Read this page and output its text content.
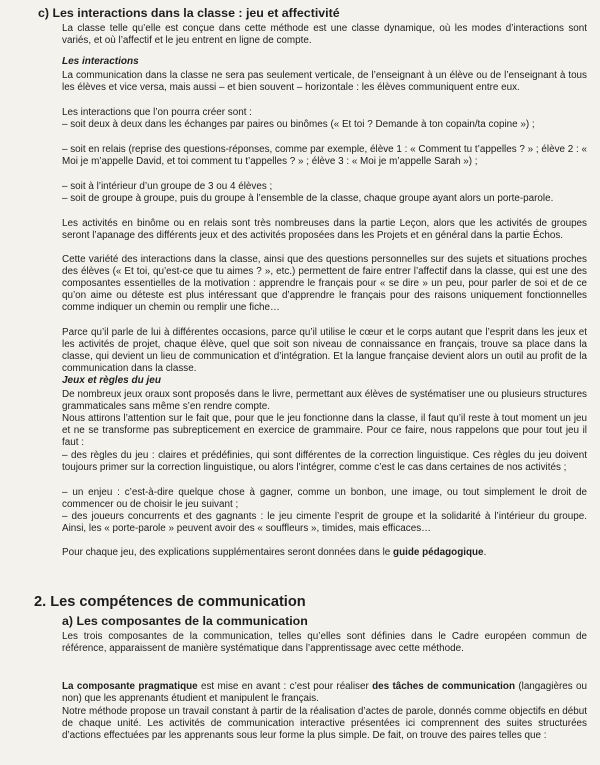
c) Les interactions dans la classe : jeu et affectivité

La classe telle qu’elle est conçue dans cette méthode est une classe dynamique, où les modes d’interactions sont variés, et où l’affectif et le jeu entrent en ligne de compte.

Les interactions

La communication dans la classe ne sera pas seulement verticale, de l’enseignant à un élève ou de l’enseignant à tous les élèves et vice versa, mais aussi – et bien souvent – horizontale : les élèves communiquent entre eux.

Les interactions que l’on pourra créer sont :

– soit deux à deux dans les échanges par paires ou binômes (« Et toi ? Demande à ton copain/ta copine ») ;

– soit en relais (reprise des questions-réponses, comme par exemple, élève 1 : « Comment tu t’appelles ? » ; élève 2 : « Moi je m’appelle David, et toi comment tu t’appelles ? » ; élève 3 : « Moi je m’appelle Sarah ») ;

– soit à l’intérieur d’un groupe de 3 ou 4 élèves ;

– soit de groupe à groupe, puis du groupe à l’ensemble de la classe, chaque groupe ayant alors un porte-parole.

Les activités en binôme ou en relais sont très nombreuses dans la partie Leçon, alors que les activités de groupes seront l’apanage des différents jeux et des activités proposées dans les Projets et en général dans la partie Échos.

Cette variété des interactions dans la classe, ainsi que des questions personnelles sur des sujets et situations proches des élèves (« Et toi, qu’est-ce que tu aimes ? », etc.) permettent de faire entrer l’affectif dans la classe, qui est une des composantes essentielles de la motivation : apprendre le français pour « se dire » un peu, pour parler de soi et de ce qu’on aime ou déteste est plus intéressant que d’apprendre le français pour des raisons uniquement fonctionnelles comme indiquer un chemin ou remplir une fiche…

Parce qu’il parle de lui à différentes occasions, parce qu’il utilise le cœur et le corps autant que l’esprit dans les jeux et les activités de projet, chaque élève, quel que soit son niveau de connaissance en français, trouve sa place dans la classe, qui devient un lieu de communication et d’intégration. Et la langue française devient alors un outil au profit de la communication dans la classe.

Jeux et règles du jeu

De nombreux jeux oraux sont proposés dans le livre, permettant aux élèves de systématiser une ou plusieurs structures grammaticales sans même s’en rendre compte.

Nous attirons l’attention sur le fait que, pour que le jeu fonctionne dans la classe, il faut qu’il reste à tout moment un jeu et ne se transforme pas subrepticement en exercice de grammaire. Pour ce faire, nous rappelons que pour tout jeu il faut :

– des règles du jeu : claires et prédéfinies, qui sont différentes de la correction linguistique. Ces règles du jeu doivent toujours primer sur la correction linguistique, ou alors l’intégrer, comme c’est le cas dans certaines de nos activités ;

– un enjeu : c’est-à-dire quelque chose à gagner, comme un bonbon, une image, ou tout simplement le droit de commencer ou de choisir le jeu suivant ;

– des joueurs concurrents et des gagnants : le jeu cimente l’esprit de groupe et la solidarité à l’intérieur du groupe. Ainsi, les « porte-parole » peuvent avoir des « souffleurs », timides, mais efficaces…

Pour chaque jeu, des explications supplémentaires seront données dans le guide pédagogique.

2. Les compétences de communication
a) Les composantes de la communication

Les trois composantes de la communication, telles qu’elles sont définies dans le Cadre européen commun de référence, apparaissent de manière systématique dans l’apprentissage avec cette méthode.

La composante pragmatique est mise en avant : c’est pour réaliser des tâches de communication (langagières ou non) que les apprenants étudient et manipulent le français.

Notre méthode propose un travail constant à partir de la réalisation d’actes de parole, donnés comme objectifs en début de chaque unité. Les activités de communication interactive présentées ici comprennent des suites structurées d’actions effectuées par les apprenants sous leur forme la plus simple. De fait, on trouve des paires telles que :
